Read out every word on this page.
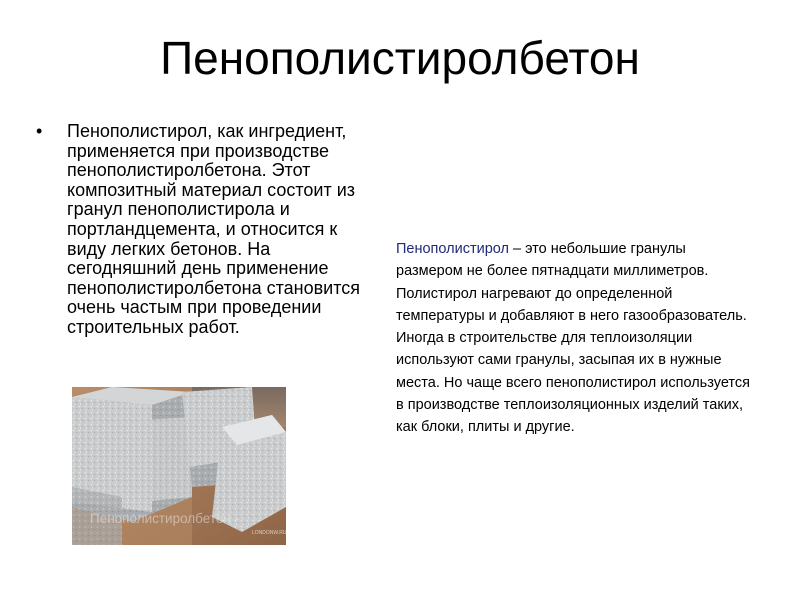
Пенополистиролбетон
• Пенополистирол, как ингредиент, применяется при производстве пенополистиролбетона. Этот композитный материал состоит из гранул пенополистирола и портландцемента, и относится к виду легких бетонов. На сегодняшний день применение пенополистиролбетона становится очень частым при проведении строительных работ.

Пенополистирол – это небольшие гранулы размером не более пятнадцати миллиметров. Полистирол нагревают до определенной температуры и добавляют в него газообразователь. Иногда в строительстве для теплоизоляции используют сами гранулы, засыпая их в нужные места. Но чаще всего пенополистирол используется в производстве теплоизоляционных изделий таких, как блоки, плиты и другие.

Пенополистиролбетон -
LONDONW.RU
